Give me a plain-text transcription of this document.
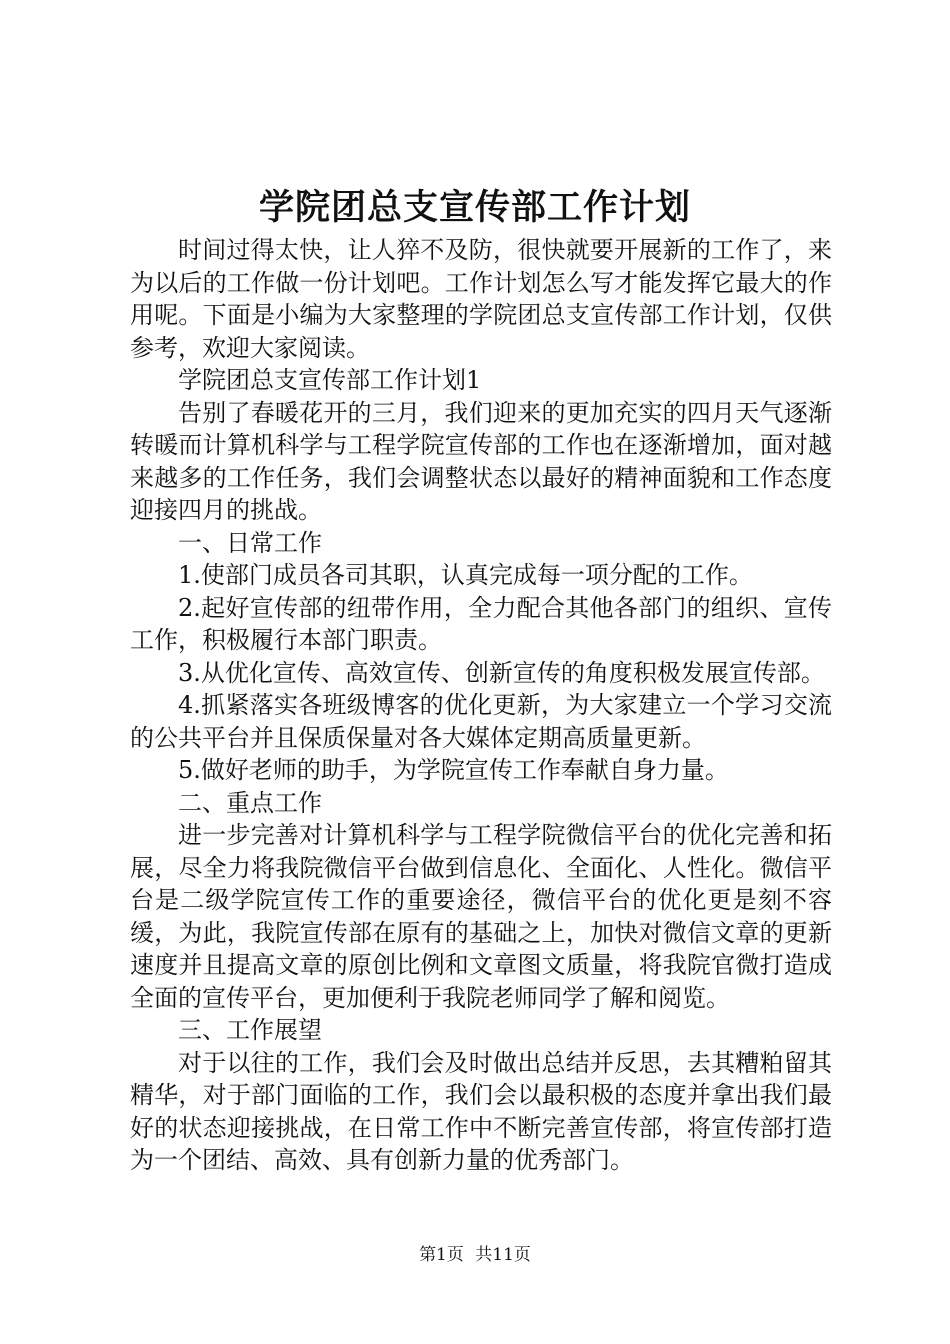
学院团总支宣传部工作计划

时间过得太快，让人猝不及防，很快就要开展新的工作了，来为以后的工作做一份计划吧。工作计划怎么写才能发挥它最大的作用呢。下面是小编为大家整理的学院团总支宣传部工作计划，仅供参考，欢迎大家阅读。

学院团总支宣传部工作计划1

告别了春暖花开的三月，我们迎来的更加充实的四月天气逐渐转暖而计算机科学与工程学院宣传部的工作也在逐渐增加，面对越来越多的工作任务，我们会调整状态以最好的精神面貌和工作态度迎接四月的挑战。

一、日常工作

1.使部门成员各司其职，认真完成每一项分配的工作。

2.起好宣传部的纽带作用，全力配合其他各部门的组织、宣传工作，积极履行本部门职责。

3.从优化宣传、高效宣传、创新宣传的角度积极发展宣传部。

4.抓紧落实各班级博客的优化更新，为大家建立一个学习交流的公共平台并且保质保量对各大媒体定期高质量更新。

5.做好老师的助手，为学院宣传工作奉献自身力量。

二、重点工作

进一步完善对计算机科学与工程学院微信平台的优化完善和拓展，尽全力将我院微信平台做到信息化、全面化、人性化。微信平台是二级学院宣传工作的重要途径，微信平台的优化更是刻不容缓，为此，我院宣传部在原有的基础之上，加快对微信文章的更新速度并且提高文章的原创比例和文章图文质量，将我院官微打造成全面的宣传平台，更加便利于我院老师同学了解和阅览。

三、工作展望

对于以往的工作，我们会及时做出总结并反思，去其糟粕留其精华，对于部门面临的工作，我们会以最积极的态度并拿出我们最好的状态迎接挑战，在日常工作中不断完善宣传部，将宣传部打造为一个团结、高效、具有创新力量的优秀部门。

第1页 共11页
